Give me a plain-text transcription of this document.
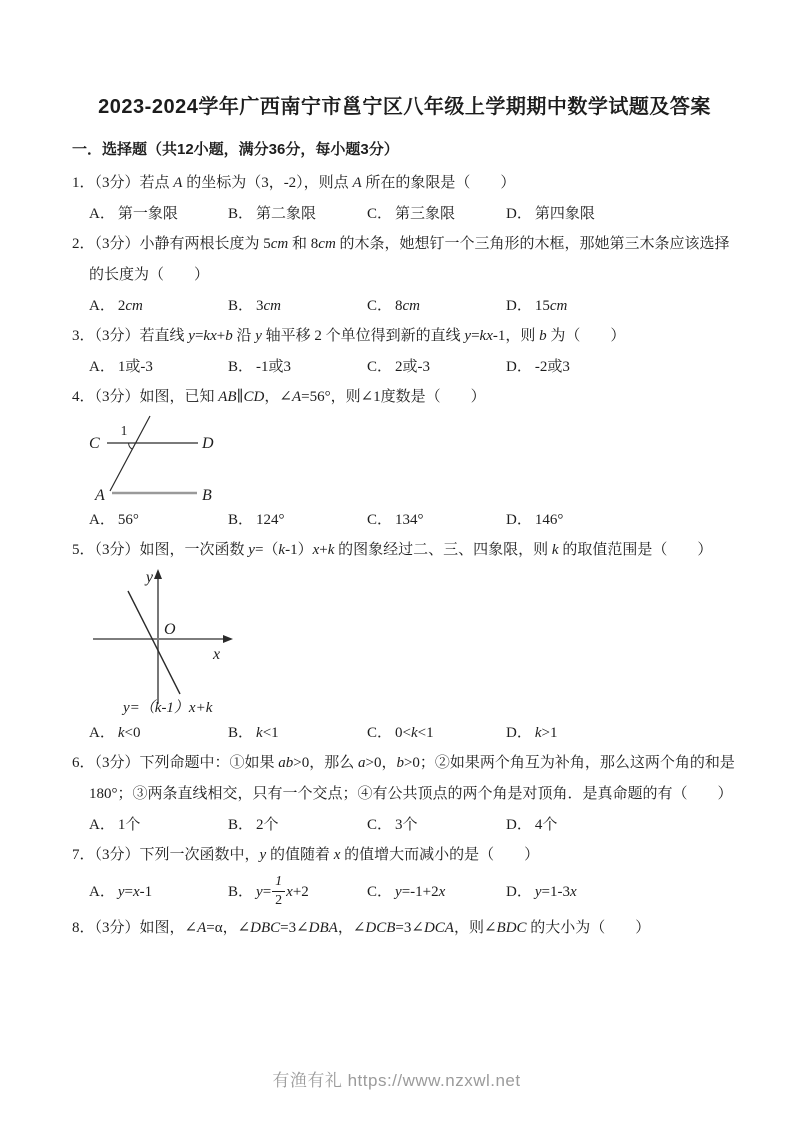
2023-2024学年广西南宁市邕宁区八年级上学期期中数学试题及答案
一．选择题（共12小题，满分36分，每小题3分）
1．（3分）若点 A 的坐标为（3，-2），则点 A 所在的象限是（　　）
A． 第一象限	B． 第二象限	C． 第三象限	D． 第四象限
2．（3分）小静有两根长度为 5cm 和 8cm 的木条，她想钉一个三角形的木框，那她第三木条应该选择的长度为（　　）
A． 2cm	B． 3cm	C． 8cm	D． 15cm
3．（3分）若直线 y=kx+b 沿 y 轴平移 2 个单位得到新的直线 y=kx-1，则 b 为（　　）
A． 1或-3	B． -1或3	C． 2或-3	D． -2或3
4．（3分）如图，已知 AB∥CD，∠A=56°，则∠1度数是（　　）
C	D
A	B
1
A． 56°	B． 124°	C． 134°	D． 146°
5．（3分）如图，一次函数 y=（k-1）x+k 的图象经过二、三、四象限，则 k 的取值范围是（　　）
y
x
O
y=（k-1）x+k
A． k<0	B． k<1	C． 0<k<1	D． k>1
6．（3分）下列命题中：①如果 ab>0，那么 a>0，b>0；②如果两个角互为补角，那么这两个角的和是180°；③两条直线相交，只有一个交点；④有公共顶点的两个角是对顶角．是真命题的有（　　）
A． 1个	B． 2个	C． 3个	D． 4个
7．（3分）下列一次函数中，y 的值随着 x 的值增大而减小的是（　　）
A． y=x-1	B． $y= \frac{1}{2} x+2$	C． y=-1+2x	D． y=1-3x
8．（3分）如图，∠A=α，∠DBC=3∠DBA，∠DCB=3∠DCA，则∠BDC 的大小为（　　）
有渔有礼 https://www.nzxwl.net
